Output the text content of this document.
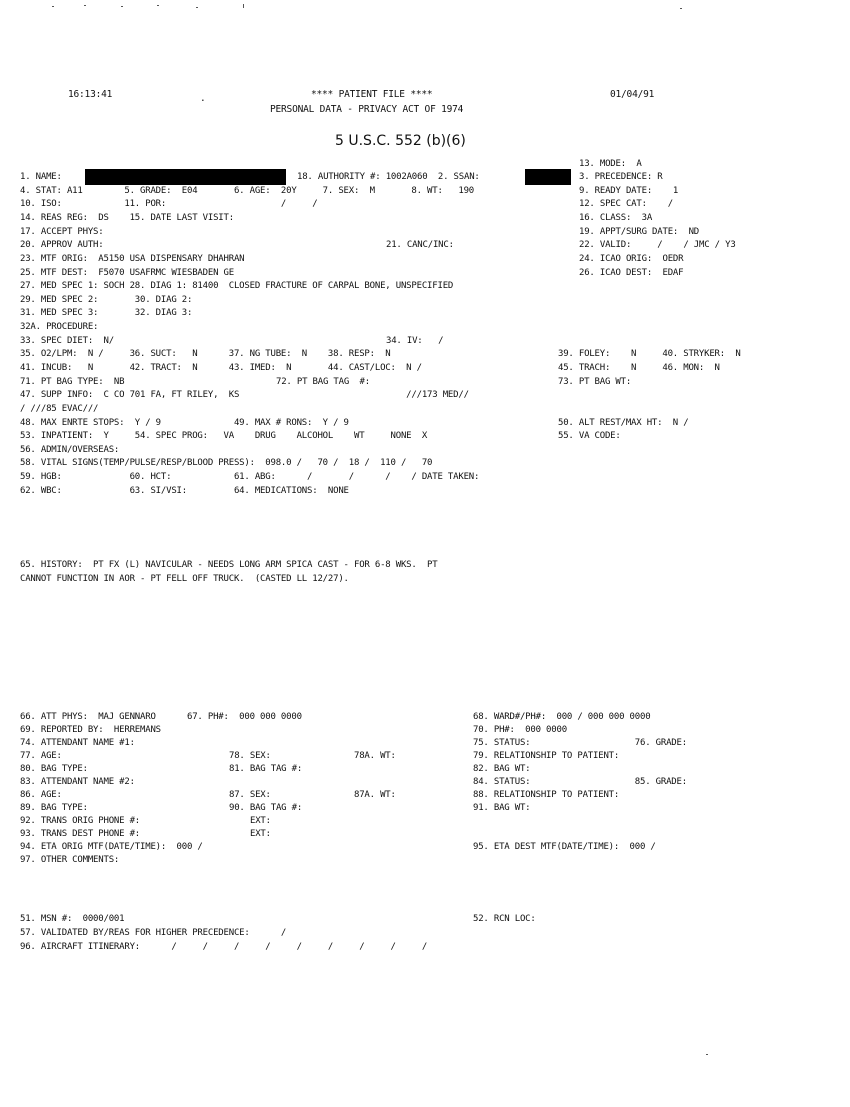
16:13:41	.	**** PATIENT FILE ****	01/04/91
PERSONAL DATA - PRIVACY ACT OF 1974
5 U.S.C. 552 (b)(6)
13. MODE:  A
1. NAME:	18. AUTHORITY #: 1002A060  2. SSAN:	3. PRECEDENCE: R
4. STAT: A11        5. GRADE:  E04       6. AGE:  20Y     7. SEX:  M       8. WT:   190	9. READY DATE:    1
10. ISO:            11. POR:                      /     /	12. SPEC CAT:    /
14. REAS REG:  DS    15. DATE LAST VISIT:	16. CLASS:  3A
17. ACCEPT PHYS:	19. APPT/SURG DATE:  ND
20. APPROV AUTH:	21. CANC/INC:	22. VALID:     /    / JMC / Y3
23. MTF ORIG:  A5150 USA DISPENSARY DHAHRAN	24. ICAO ORIG:  OEDR
25. MTF DEST:  F5070 USAFRMC WIESBADEN GE	26. ICAO DEST:  EDAF
27. MED SPEC 1: SOCH 28. DIAG 1: 81400  CLOSED FRACTURE OF CARPAL BONE, UNSPECIFIED
29. MED SPEC 2:       30. DIAG 2:
31. MED SPEC 3:       32. DIAG 3:
32A. PROCEDURE:
33. SPEC DIET:  N/	34. IV:   /
35. O2/LPM:  N /     36. SUCT:   N      37. NG TUBE:  N    38. RESP:  N	39. FOLEY:    N     40. STRYKER:  N
41. INCUB:   N       42. TRACT:  N      43. IMED:  N       44. CAST/LOC:  N /	45. TRACH:    N     46. MON:  N
71. PT BAG TYPE:  NB	72. PT BAG TAG  #:	73. PT BAG WT:
47. SUPP INFO:  C CO 701 FA, FT RILEY,  KS                                ///173 MED//
/ ///85 EVAC///
48. MAX ENRTE STOPS:  Y / 9              49. MAX # RONS:  Y / 9	50. ALT REST/MAX HT:  N /
53. INPATIENT:  Y     54. SPEC PROG:   VA    DRUG    ALCOHOL    WT     NONE  X	55. VA CODE:
56. ADMIN/OVERSEAS:
58. VITAL SIGNS(TEMP/PULSE/RESP/BLOOD PRESS):  098.0 /   70 /  18 /  110 /   70
59. HGB:             60. HCT:            61. ABG:      /       /      /    / DATE TAKEN:
62. WBC:             63. SI/VSI:         64. MEDICATIONS:  NONE
65. HISTORY:  PT FX (L) NAVICULAR - NEEDS LONG ARM SPICA CAST - FOR 6-8 WKS.  PT
CANNOT FUNCTION IN AOR - PT FELL OFF TRUCK.  (CASTED LL 12/27).
66. ATT PHYS:  MAJ GENNARO      67. PH#:  000 000 0000	68. WARD#/PH#:  000 / 000 000 0000
69. REPORTED BY:  HERREMANS	70. PH#:  000 0000
74. ATTENDANT NAME #1:	75. STATUS:                    76. GRADE:
77. AGE:	78. SEX:	78A. WT:	79. RELATIONSHIP TO PATIENT:
80. BAG TYPE:	81. BAG TAG #:	82. BAG WT:
83. ATTENDANT NAME #2:	84. STATUS:                    85. GRADE:
86. AGE:	87. SEX:	87A. WT:	88. RELATIONSHIP TO PATIENT:
89. BAG TYPE:	90. BAG TAG #:	91. BAG WT:
92. TRANS ORIG PHONE #:	EXT:
93. TRANS DEST PHONE #:	EXT:
94. ETA ORIG MTF(DATE/TIME):  000 /	95. ETA DEST MTF(DATE/TIME):  000 /
97. OTHER COMMENTS:
51. MSN #:  0000/001	52. RCN LOC:
57. VALIDATED BY/REAS FOR HIGHER PRECEDENCE:      /
96. AIRCRAFT ITINERARY:      /     /     /     /     /     /     /     /     /
